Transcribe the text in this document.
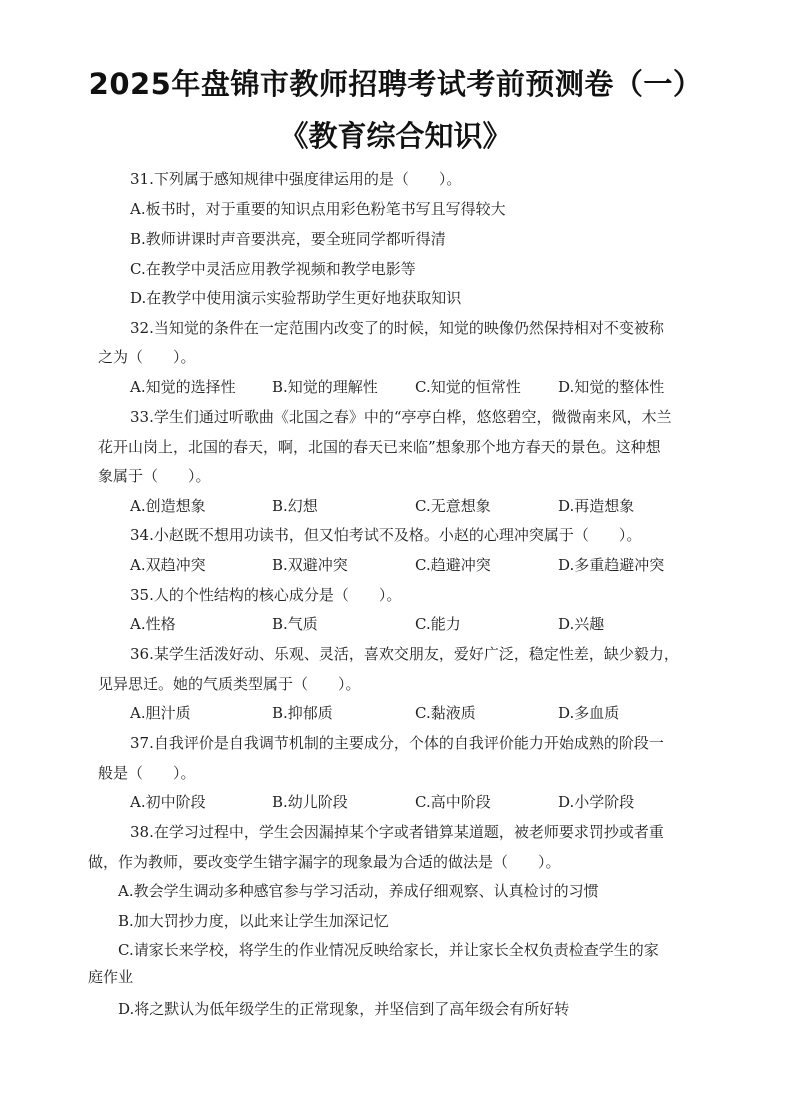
2025年盘锦市教师招聘考试考前预测卷（一）
《教育综合知识》
31.下列属于感知规律中强度律运用的是（　　）。
A.板书时，对于重要的知识点用彩色粉笔书写且写得较大
B.教师讲课时声音要洪亮，要全班同学都听得清
C.在教学中灵活应用教学视频和教学电影等
D.在教学中使用演示实验帮助学生更好地获取知识
32.当知觉的条件在一定范围内改变了的时候，知觉的映像仍然保持相对不变被称
之为（　　）。
A.知觉的选择性 B.知觉的理解性 C.知觉的恒常性 D.知觉的整体性
33.学生们通过听歌曲《北国之春》中的“亭亭白桦，悠悠碧空，微微南来风，木兰
花开山岗上，北国的春天，啊，北国的春天已来临”想象那个地方春天的景色。这种想
象属于（　　）。
A.创造想象	B.幻想	C.无意想象	D.再造想象
34.小赵既不想用功读书，但又怕考试不及格。小赵的心理冲突属于（　　）。
A.双趋冲突	B.双避冲突	C.趋避冲突	D.多重趋避冲突
35.人的个性结构的核心成分是（　　）。
A.性格	B.气质	C.能力	D.兴趣
36.某学生活泼好动、乐观、灵活，喜欢交朋友，爱好广泛，稳定性差，缺少毅力，
见异思迁。她的气质类型属于（　　）。
A.胆汁质	B.抑郁质	C.黏液质	D.多血质
37.自我评价是自我调节机制的主要成分，个体的自我评价能力开始成熟的阶段一
般是（　　）。
A.初中阶段	B.幼儿阶段	C.高中阶段	D.小学阶段
38.在学习过程中，学生会因漏掉某个字或者错算某道题，被老师要求罚抄或者重
做，作为教师，要改变学生错字漏字的现象最为合适的做法是（　　）。
A.教会学生调动多种感官参与学习活动，养成仔细观察、认真检讨的习惯
B.加大罚抄力度，以此来让学生加深记忆
C.请家长来学校，将学生的作业情况反映给家长，并让家长全权负责检查学生的家
庭作业
D.将之默认为低年级学生的正常现象，并坚信到了高年级会有所好转
